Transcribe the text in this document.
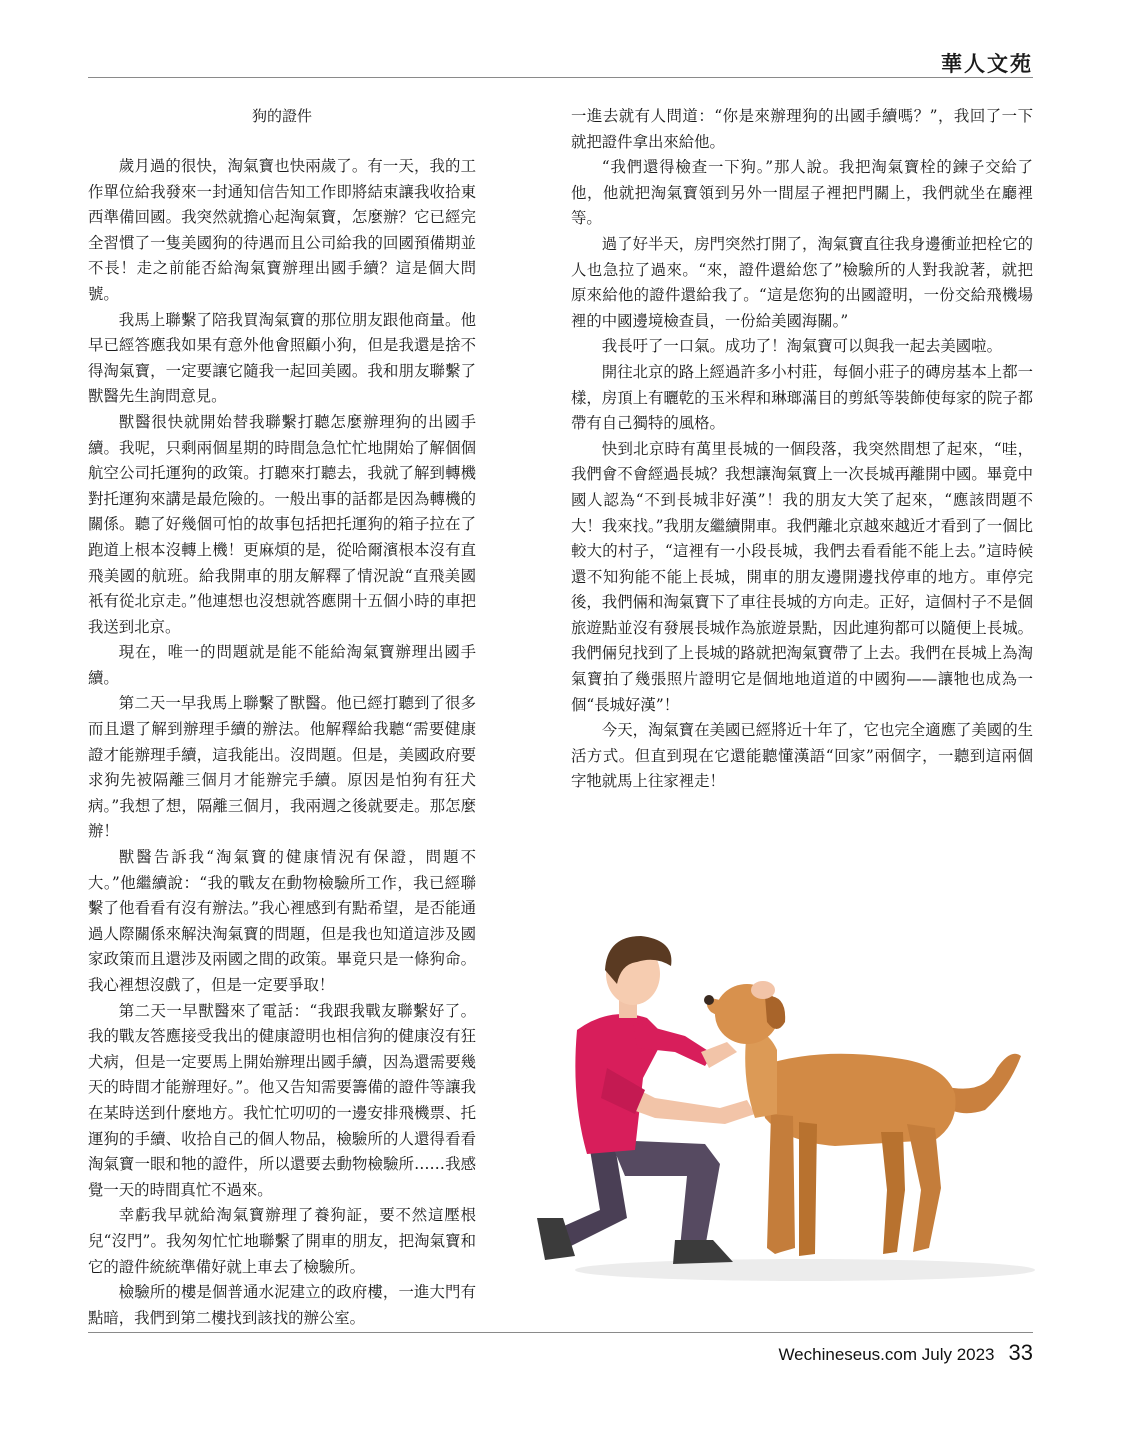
華人文苑
狗的證件

歲月過的很快，淘氣寶也快兩歲了。有一天，我的工作單位給我發來一封通知信告知工作即將結束讓我收拾東西準備回國。我突然就擔心起淘氣寶，怎麼辦？它已經完全習慣了一隻美國狗的待遇而且公司給我的回國預備期並不長！走之前能否給淘氣寶辦理出國手續？這是個大問號。

我馬上聯繫了陪我買淘氣寶的那位朋友跟他商量。他早已經答應我如果有意外他會照顧小狗，但是我還是捨不得淘氣寶，一定要讓它隨我一起回美國。我和朋友聯繫了獸醫先生詢問意見。

獸醫很快就開始替我聯繫打聽怎麼辦理狗的出國手續。我呢，只剩兩個星期的時間急急忙忙地開始了解個個航空公司托運狗的政策。打聽來打聽去，我就了解到轉機對托運狗來講是最危險的。一般出事的話都是因為轉機的關係。聽了好幾個可怕的故事包括把托運狗的箱子拉在了跑道上根本沒轉上機！更麻煩的是，從哈爾濱根本沒有直飛美國的航班。給我開車的朋友解釋了情況說“直飛美國衹有從北京走。”他連想也沒想就答應開十五個小時的車把我送到北京。

現在，唯一的問題就是能不能給淘氣寶辦理出國手續。

第二天一早我馬上聯繫了獸醫。他已經打聽到了很多而且還了解到辦理手續的辦法。他解釋給我聽“需要健康證才能辦理手續，這我能出。沒問題。但是，美國政府要求狗先被隔離三個月才能辦完手續。原因是怕狗有狂犬病。”我想了想，隔離三個月，我兩週之後就要走。那怎麼辦！

獸醫告訴我“淘氣寶的健康情況有保證，問題不大。”他繼續說：“我的戰友在動物檢驗所工作，我已經聯繫了他看看有沒有辦法。”我心裡感到有點希望，是否能通過人際關係來解決淘氣寶的問題，但是我也知道這涉及國家政策而且還涉及兩國之間的政策。畢竟只是一條狗命。我心裡想沒戲了，但是一定要爭取！

第二天一早獸醫來了電話：“我跟我戰友聯繫好了。我的戰友答應接受我出的健康證明也相信狗的健康沒有狂犬病，但是一定要馬上開始辦理出國手續，因為還需要幾天的時間才能辦理好。”。他又告知需要籌備的證件等讓我在某時送到什麼地方。我忙忙叨叨的一邊安排飛機票、托運狗的手續、收拾自己的個人物品，檢驗所的人還得看看淘氣寶一眼和牠的證件，所以還要去動物檢驗所……我感覺一天的時間真忙不過來。

幸虧我早就給淘氣寶辦理了養狗証，要不然這壓根兒“沒門”。我匆匆忙忙地聯繫了開車的朋友，把淘氣寶和它的證件統統準備好就上車去了檢驗所。

檢驗所的樓是個普通水泥建立的政府樓，一進大門有點暗，我們到第二樓找到該找的辦公室。

一進去就有人問道：“你是來辦理狗的出國手續嗎？”，我回了一下就把證件拿出來給他。

“我們還得檢查一下狗。”那人說。我把淘氣寶栓的鍊子交給了他，他就把淘氣寶領到另外一間屋子裡把門關上，我們就坐在廳裡等。

過了好半天，房門突然打開了，淘氣寶直往我身邊衝並把栓它的人也急拉了過來。“來，證件還給您了”檢驗所的人對我說著，就把原來給他的證件還給我了。“這是您狗的出國證明，一份交給飛機場裡的中國邊境檢查員，一份給美國海關。”

我長吁了一口氣。成功了！淘氣寶可以與我一起去美國啦。

開往北京的路上經過許多小村莊，每個小莊子的磚房基本上都一樣，房頂上有曬乾的玉米稈和琳瑯滿目的剪紙等裝飾使每家的院子都帶有自己獨特的風格。

快到北京時有萬里長城的一個段落，我突然間想了起來，“哇，我們會不會經過長城？我想讓淘氣寶上一次長城再離開中國。畢竟中國人認為“不到長城非好漢”！我的朋友大笑了起來，“應該問題不大！我來找。”我朋友繼續開車。我們離北京越來越近才看到了一個比較大的村子，“這裡有一小段長城，我們去看看能不能上去。”這時候還不知狗能不能上長城，開車的朋友邊開邊找停車的地方。車停完後，我們倆和淘氣寶下了車往長城的方向走。正好，這個村子不是個旅遊點並沒有發展長城作為旅遊景點，因此連狗都可以隨便上長城。我們倆兒找到了上長城的路就把淘氣寶帶了上去。我們在長城上為淘氣寶拍了幾張照片證明它是個地地道道的中國狗——讓牠也成為一個“長城好漢”！

今天，淘氣寶在美國已經將近十年了，它也完全適應了美國的生活方式。但直到現在它還能聽懂漢語“回家”兩個字，一聽到這兩個字牠就馬上往家裡走！

Wechineseus.com July 2023 33
